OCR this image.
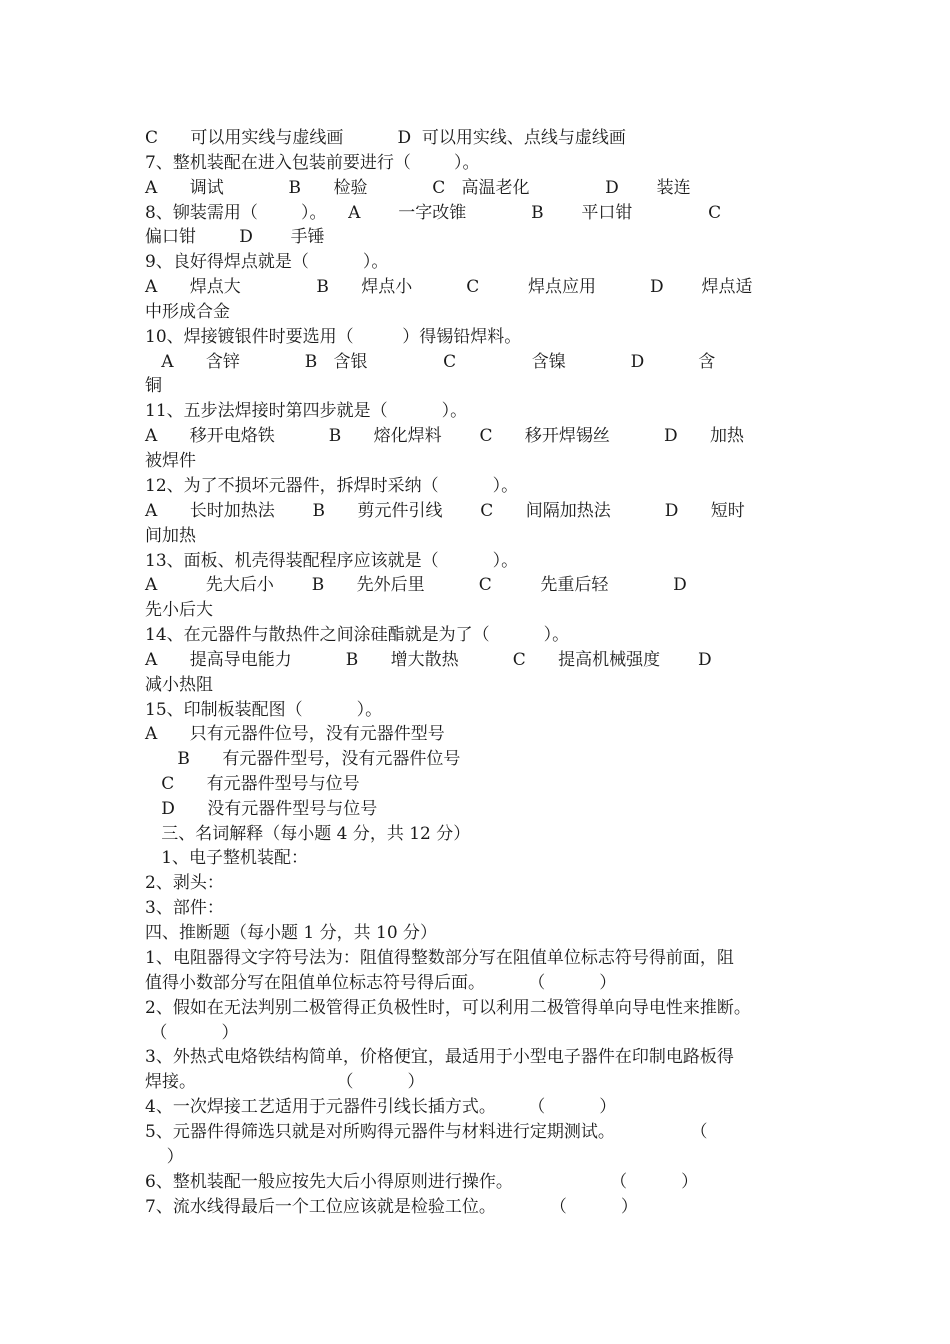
C      可以用实线与虚线画          D  可以用实线、点线与虚线画
7、整机装配在进入包装前要进行（        ）。
A      调试            B      检验            C   高温老化              D       装连
8、铆装需用（        ）。    A       一字改锥            B       平口钳              C
偏口钳        D       手锤
9、良好得焊点就是（          ）。
A      焊点大              B      焊点小          C         焊点应用          D       焊点适
中形成合金
10、焊接镀银件时要选用（         ）得锡铅焊料。
A      含锌            B   含银              C              含镍            D          含
铜
11、五步法焊接时第四步就是（          ）。
A      移开电烙铁          B      熔化焊料       C      移开焊锡丝          D      加热
被焊件
12、为了不损坏元器件，拆焊时采纳（          ）。
A      长时加热法       B      剪元件引线       C      间隔加热法          D      短时
间加热
13、面板、机壳得装配程序应该就是（          ）。
A         先大后小       B      先外后里          C         先重后轻            D
先小后大
14、在元器件与散热件之间涂硅酯就是为了（          ）。
A      提高导电能力          B      增大散热          C      提高机械强度       D
减小热阻
15、印制板装配图（          ）。
A      只有元器件位号，没有元器件型号
B      有元器件型号，没有元器件位号
C      有元器件型号与位号
D      没有元器件型号与位号
三、名词解释（每小题 4 分，共 12 分）
1、电子整机装配：
2、剥头：
3、部件：
四、推断题（每小题 1 分，共 10 分）
1、电阻器得文字符号法为：阻值得整数部分写在阻值单位标志符号得前面，阻
值得小数部分写在阻值单位标志符号得后面。        （          ）
2、假如在无法判别二极管得正负极性时，可以利用二极管得单向导电性来推断。
（          ）
3、外热式电烙铁结构简单，价格便宜，最适用于小型电子器件在印制电路板得
焊接。                          （          ）
4、一次焊接工艺适用于元器件引线长插方式。      （          ）
5、元器件得筛选只就是对所购得元器件与材料进行定期测试。              （
）
6、整机装配一般应按先大后小得原则进行操作。                  （          ）
7、流水线得最后一个工位应该就是检验工位。          （          ）
